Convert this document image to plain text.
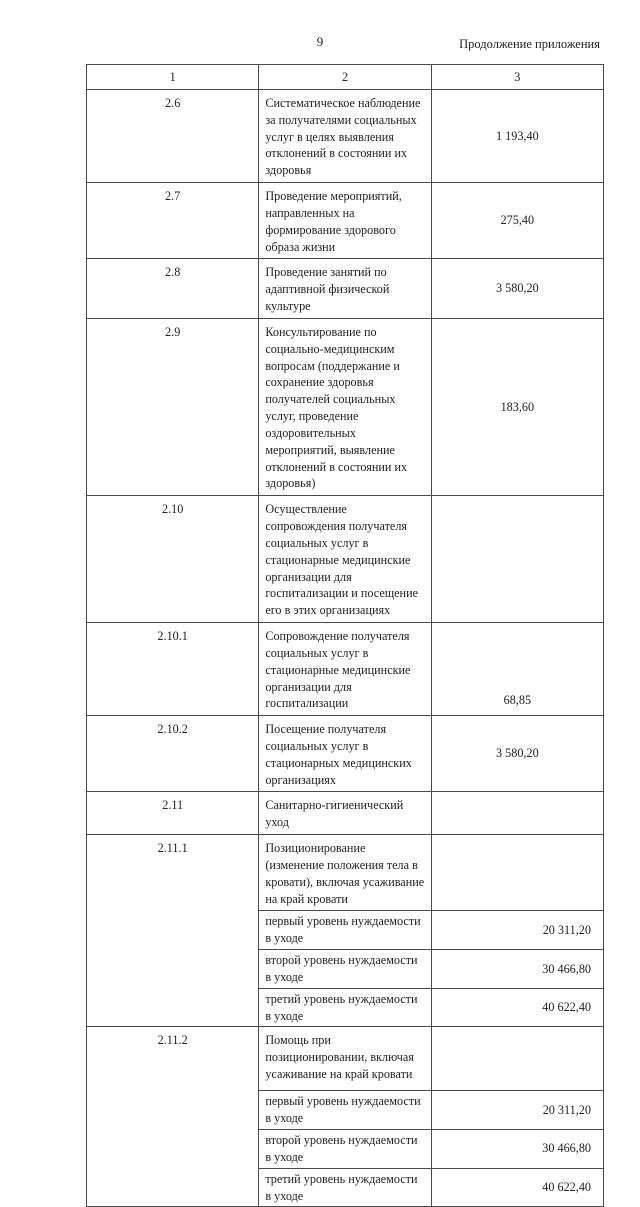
9	Продолжение приложения
1	2	3
2.6	Систематическое наблюдение за получателями социальных услуг в целях выявления отклонений в состоянии их здоровья	1 193,40
2.7	Проведение мероприятий, направленных на формирование здорового образа жизни	275,40
2.8	Проведение занятий по адаптивной физической культуре	3 580,20
2.9	Консультирование по социально-медицинским вопросам (поддержание и сохранение здоровья получателей социальных услуг, проведение оздоровительных мероприятий, выявление отклонений в состоянии их здоровья)	183,60
2.10	Осуществление сопровождения получателя социальных услуг в стационарные медицинские организации для госпитализации и посещение его в этих организациях	
2.10.1	Сопровождение получателя социальных услуг в стационарные медицинские организации для госпитализации	68,85
2.10.2	Посещение получателя социальных услуг в стационарных медицинских организациях	3 580,20
2.11	Санитарно-гигиенический уход	
2.11.1	Позиционирование (изменение положения тела в кровати), включая усаживание на край кровати	
	первый уровень нуждаемости в уходе	20 311,20
	второй уровень нуждаемости в уходе	30 466,80
	третий уровень нуждаемости в уходе	40 622,40
2.11.2	Помощь при позиционировании, включая усаживание на край кровати	
	первый уровень нуждаемости в уходе	20 311,20
	второй уровень нуждаемости в уходе	30 466,80
	третий уровень нуждаемости в уходе	40 622,40
